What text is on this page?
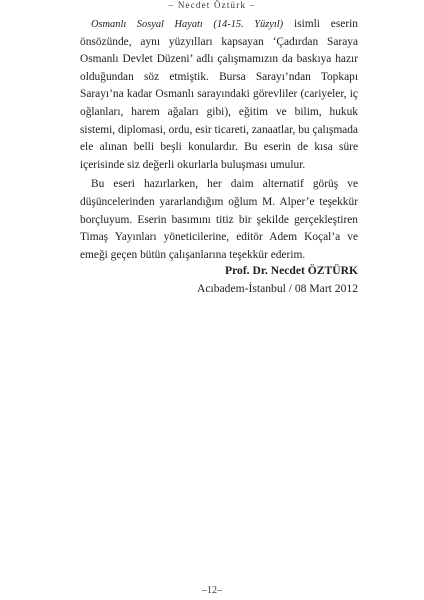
– Necdet Öztürk –

Osmanlı Sosyal Hayatı (14-15. Yüzyıl) isimli eserin önsözünde, aynı yüzyılları kapsayan ‘Çadırdan Saraya Osmanlı Devlet Düzeni’ adlı çalışmamızın da baskıya hazır olduğundan söz etmiştik. Bursa Sarayı’ndan Topkapı Sarayı’na kadar Osmanlı sarayındaki görevliler (cariyeler, iç oğlanları, harem ağaları gibi), eğitim ve bilim, hukuk sistemi, diplomasi, ordu, esir ticareti, zanaatlar, bu çalışmada ele alınan belli beşli konulardır. Bu eserin de kısa süre içerisinde siz değerli okurlarla buluşması umulur.

Bu eseri hazırlarken, her daim alternatif görüş ve düşüncelerinden yararlandığım oğlum M. Alper’e teşekkür borçluyum. Eserin basımını titiz bir şekilde gerçekleştiren Timaş Yayınları yöneticilerine, editör Adem Koçal’a ve emeği geçen bütün çalışanlarına teşekkür ederim.

Prof. Dr. Necdet ÖZTÜRK
Acıbadem-İstanbul / 08 Mart 2012
–12–
